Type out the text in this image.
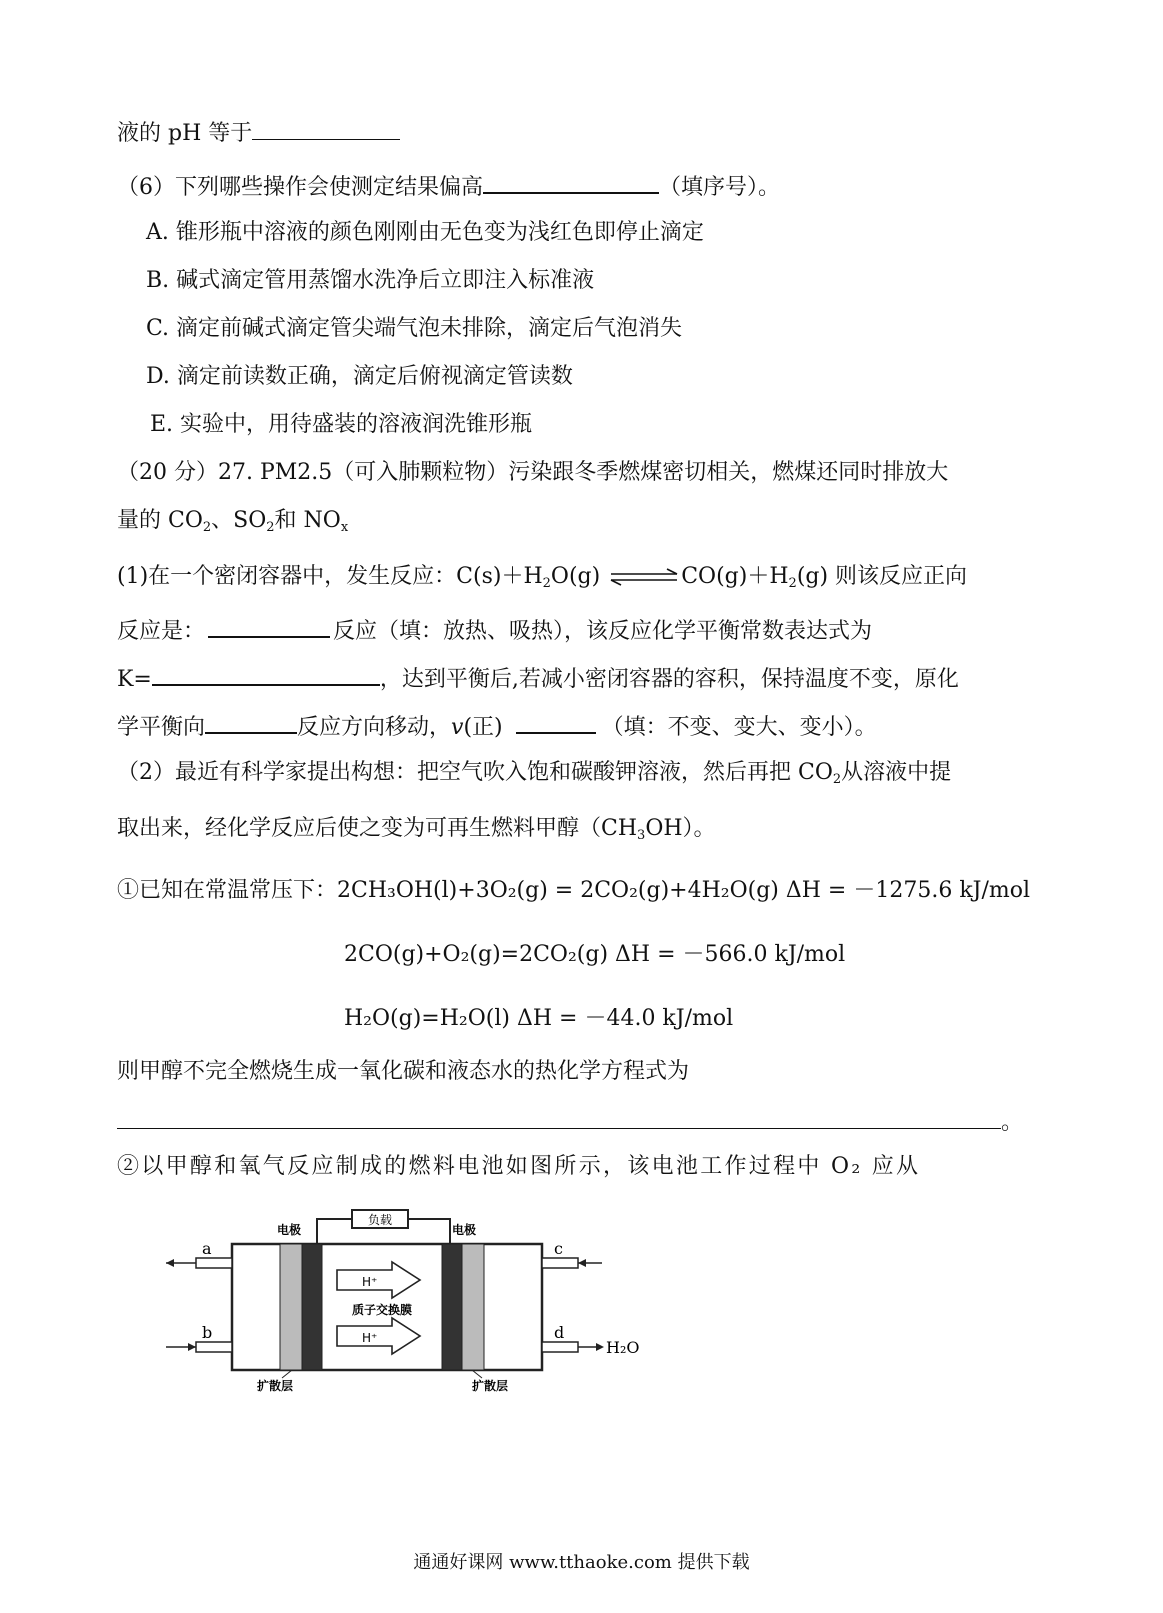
液的 pH 等于
（6）下列哪些操作会使测定结果偏高	（填序号）。
A. 锥形瓶中溶液的颜色刚刚由无色变为浅红色即停止滴定
B. 碱式滴定管用蒸馏水洗净后立即注入标准液
C. 滴定前碱式滴定管尖端气泡未排除，滴定后气泡消失
D. 滴定前读数正确，滴定后俯视滴定管读数
E. 实验中，用待盛装的溶液润洗锥形瓶
（20 分）27. PM2.5（可入肺颗粒物）污染跟冬季燃煤密切相关，燃煤还同时排放大
量的 $CO_2$、$SO_2$和 $NO_x$
(1)在一个密闭容器中，发生反应：$C(s)+H_2O(g)$ ⇌ $CO(g)+H_2(g)$ 则该反应正向
反应是：	反应（填：放热、吸热），该反应化学平衡常数表达式为
K=	，达到平衡后,若减小密闭容器的容积，保持温度不变，原化
学平衡向	反应方向移动，v(正)	（填：不变、变大、变小）。
（2）最近有科学家提出构想：把空气吹入饱和碳酸钾溶液，然后再把 $CO_2$从溶液中提
取出来，经化学反应后使之变为可再生燃料甲醇$(CH_3OH)$。
①已知在常温常压下：2CH₃OH(l)+3O₂(g) = 2CO₂(g)+4H₂O(g) ΔH = －1275.6 kJ/mol
2CO(g)+O₂(g)=2CO₂(g) ΔH = －566.0 kJ/mol
H₂O(g)=H₂O(l) ΔH = －44.0 kJ/mol
则甲醇不完全燃烧生成一氧化碳和液态水的热化学方程式为
。
②以甲醇和氧气反应制成的燃料电池如图所示，该电池工作过程中 O₂ 应从
负载
电极	电极
H⁺
质子交换膜
H⁺
a
b
c
d
H₂O
扩散层	扩散层
通通好课网 www.tthaoke.com 提供下载
